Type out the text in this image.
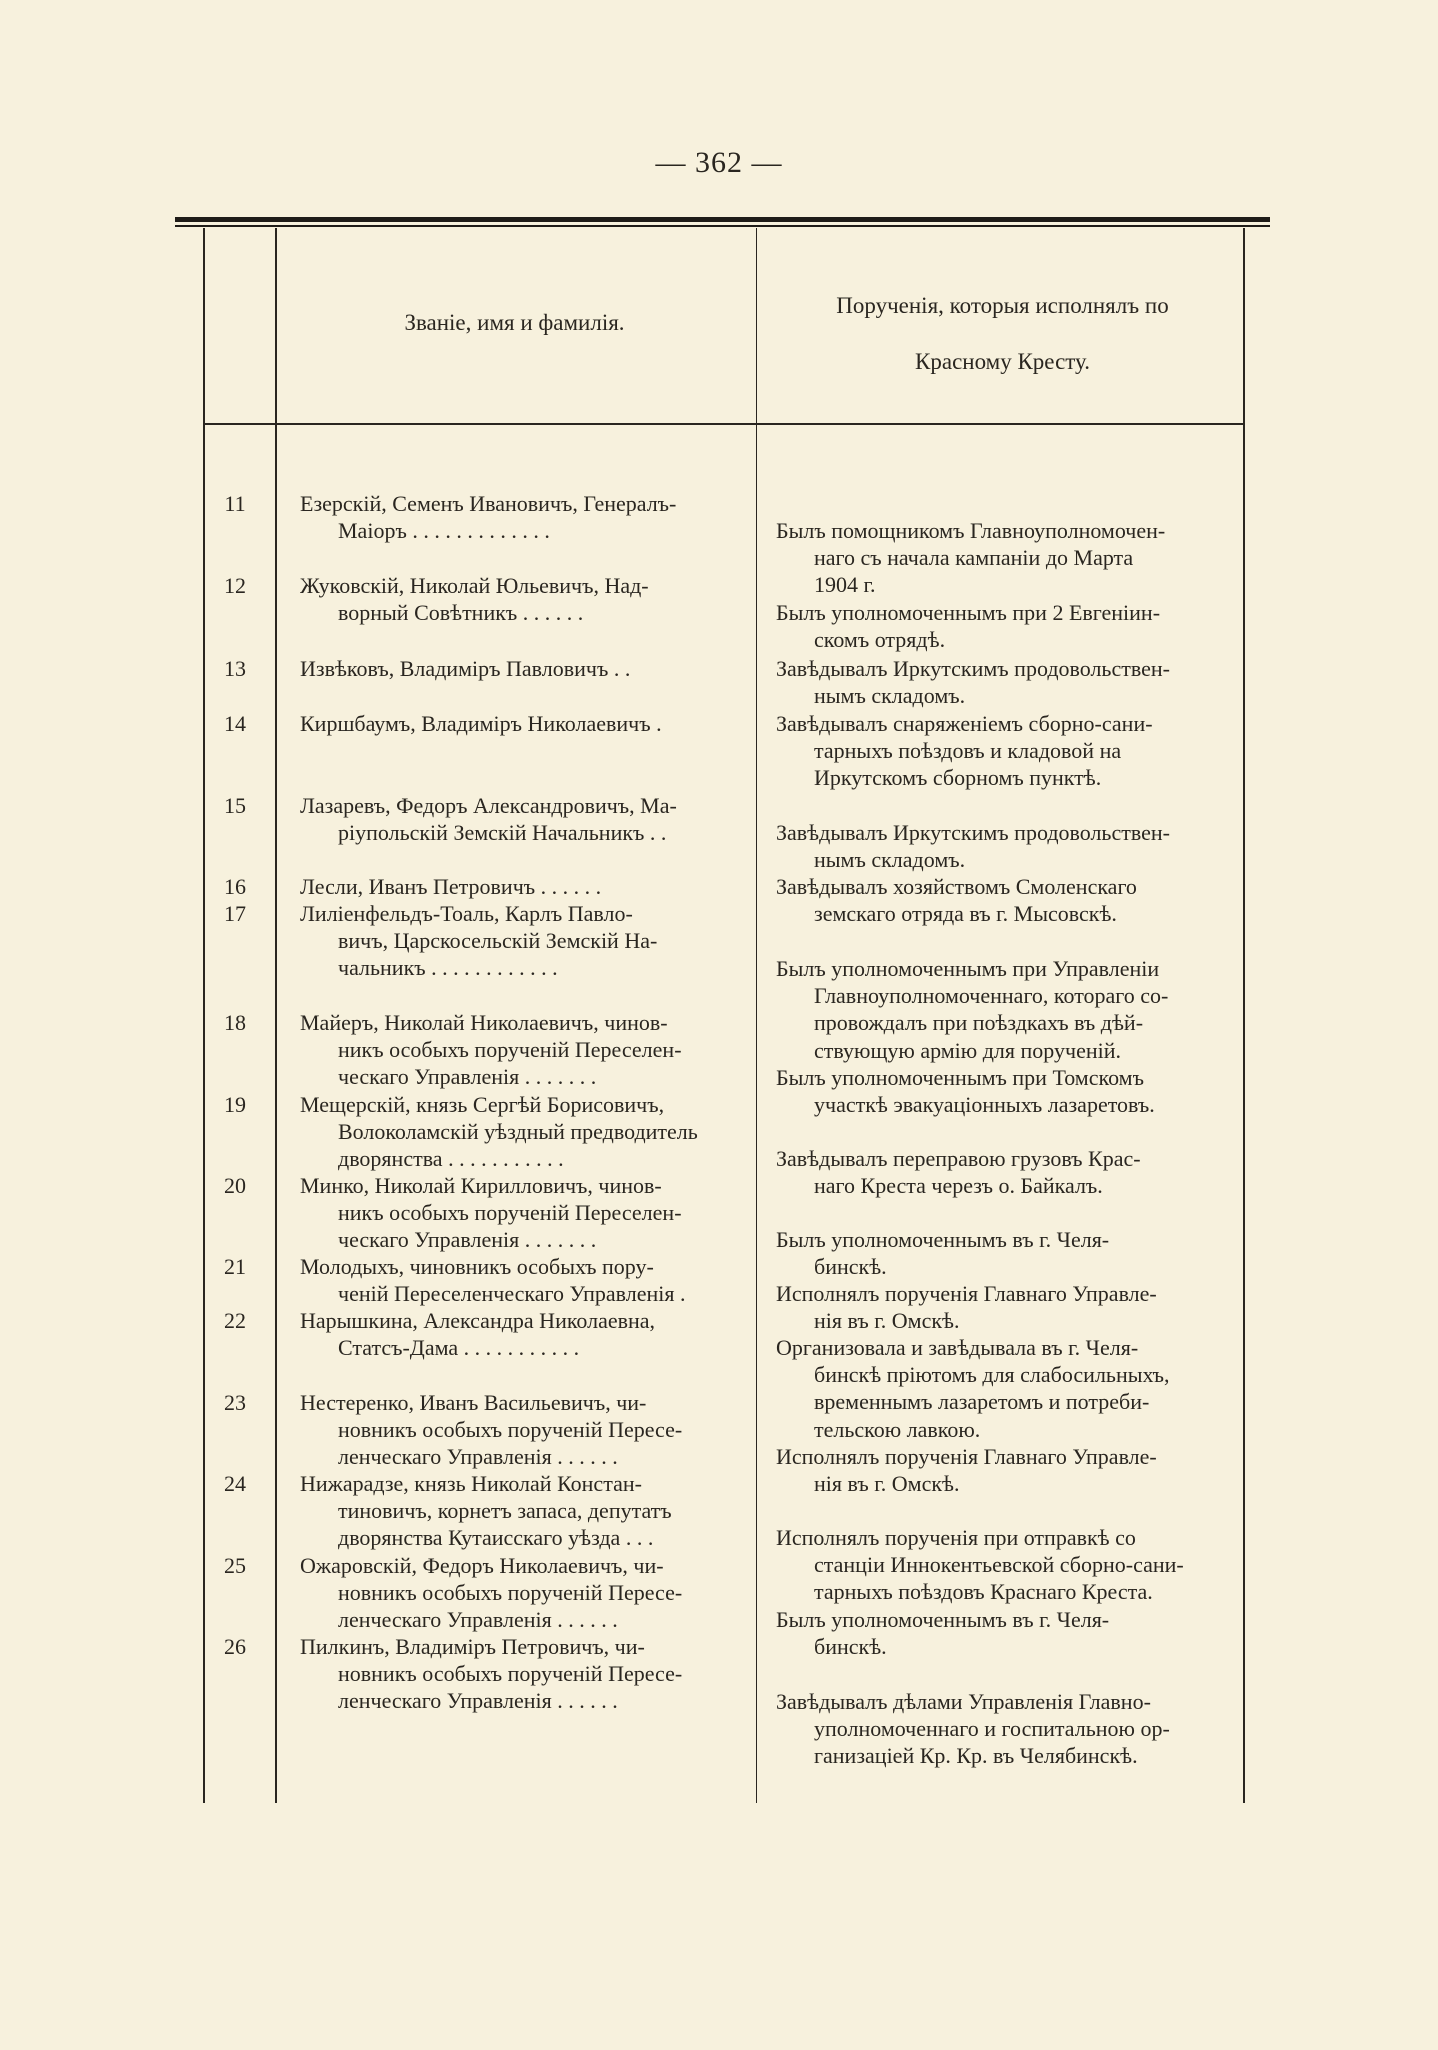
— 362 —
Званіе, имя и фамилія.
Порученія, которыя исполнялъ по
Красному Кресту.
11	Езерскій, Семенъ Ивановичъ, Генералъ-
Маіоръ . . . . . . . . . . . . .	Былъ помощникомъ Главноуполномочен-
наго съ начала кампаніи до Марта
1904 г.
12	Жуковскій, Николай Юльевичъ, Над-
ворный Совѣтникъ . . . . . .	Былъ уполномоченнымъ при 2 Евгеніин-
скомъ отрядѣ.
13	Извѣковъ, Владиміръ Павловичъ . .	Завѣдывалъ Иркутскимъ продовольствен-
нымъ складомъ.
14	Киршбаумъ, Владиміръ Николаевичъ .	Завѣдывалъ снаряженіемъ сборно-сани-
тарныхъ поѣздовъ и кладовой на
Иркутскомъ сборномъ пунктѣ.
15	Лазаревъ, Федоръ Александровичъ, Ма-
ріупольскій Земскій Начальникъ . .	Завѣдывалъ Иркутскимъ продовольствен-
нымъ складомъ.
16	Лесли, Иванъ Петровичъ . . . . . .	Завѣдывалъ хозяйствомъ Смоленскаго
земскаго отряда въ г. Мысовскѣ.
17	Лиліенфельдъ-Тоаль, Карлъ Павло-
вичъ, Царскосельскій Земскій На-
чальникъ . . . . . . . . . . . .	Былъ уполномоченнымъ при Управленіи
Главноуполномоченнаго, котораго со-
провождалъ при поѣздкахъ въ дѣй-
ствующую армію для порученій.
18	Майеръ, Николай Николаевичъ, чинов-
никъ особыхъ порученій Переселен-
ческаго Управленія . . . . . . .	Былъ уполномоченнымъ при Томскомъ
участкѣ эвакуаціонныхъ лазаретовъ.
19	Мещерскій, князь Сергѣй Борисовичъ,
Волоколамскій уѣздный предводитель
дворянства . . . . . . . . . . .	Завѣдывалъ переправою грузовъ Крас-
наго Креста черезъ о. Байкалъ.
20	Минко, Николай Кирилловичъ, чинов-
никъ особыхъ порученій Переселен-
ческаго Управленія . . . . . . .	Былъ уполномоченнымъ въ г. Челя-
бинскѣ.
21	Молодыхъ, чиновникъ особыхъ пору-
ченій Переселенческаго Управленія .	Исполнялъ порученія Главнаго Управле-
нія въ г. Омскѣ.
22	Нарышкина, Александра Николаевна,
Статсъ-Дама . . . . . . . . . . .	Организовала и завѣдывала въ г. Челя-
бинскѣ пріютомъ для слабосильныхъ,
временнымъ лазаретомъ и потреби-
тельскою лавкою.
23	Нестеренко, Иванъ Васильевичъ, чи-
новникъ особыхъ порученій Пересе-
ленческаго Управленія . . . . . .	Исполнялъ порученія Главнаго Управле-
нія въ г. Омскѣ.
24	Нижарадзе, князь Николай Констан-
тиновичъ, корнетъ запаса, депутатъ
дворянства Кутаисскаго уѣзда . . .	Исполнялъ порученія при отправкѣ со
станціи Иннокентьевской сборно-сани-
тарныхъ поѣздовъ Краснаго Креста.
25	Ожаровскій, Федоръ Николаевичъ, чи-
новникъ особыхъ порученій Пересе-
ленческаго Управленія . . . . . .	Былъ уполномоченнымъ въ г. Челя-
бинскѣ.
26	Пилкинъ, Владиміръ Петровичъ, чи-
новникъ особыхъ порученій Пересе-
ленческаго Управленія . . . . . .	Завѣдывалъ дѣлами Управленія Главно-
уполномоченнаго и госпитальною ор-
ганизаціей Кр. Кр. въ Челябинскѣ.
